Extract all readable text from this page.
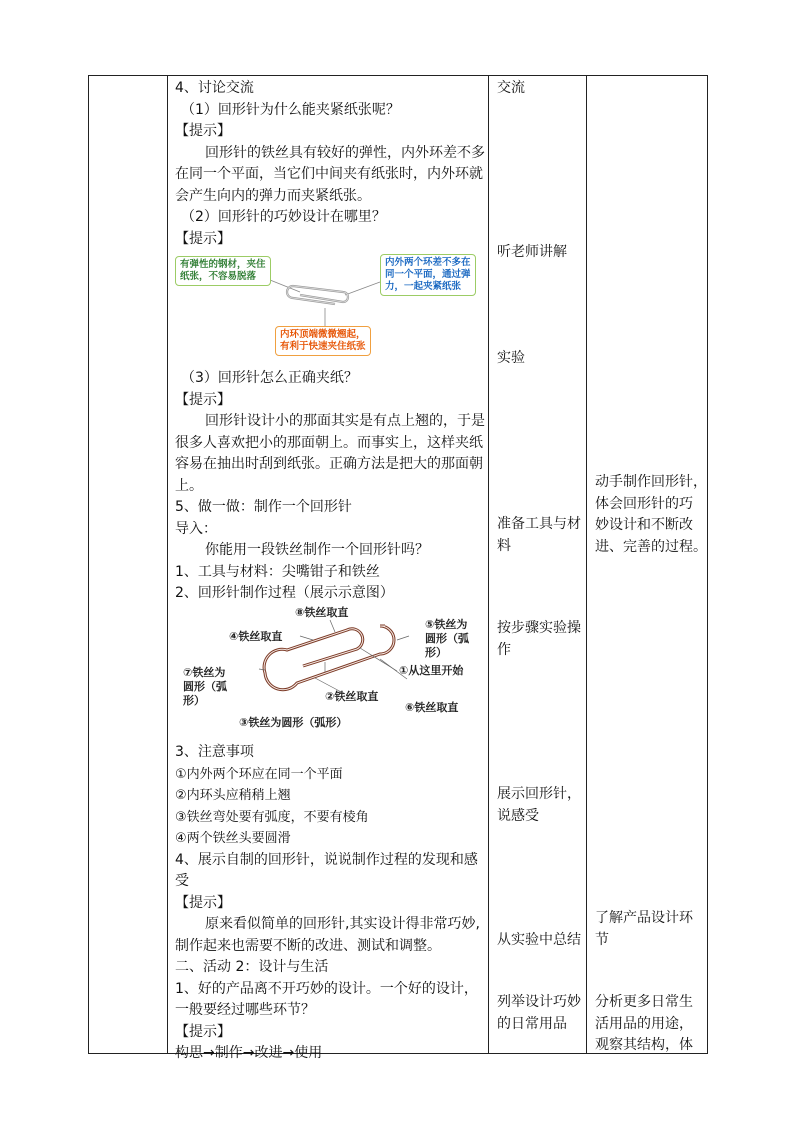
4、讨论交流
（1）回形针为什么能夹紧纸张呢？
【提示】
回形针的铁丝具有较好的弹性，内外环差不多
在同一个平面，当它们中间夹有纸张时，内外环就
会产生向内的弹力而夹紧纸张。
（2）回形针的巧妙设计在哪里？
【提示】
有弹性的钢材，夹住
纸张，不容易脱落
内外两个环差不多在
同一个平面，通过弹
力，一起夹紧纸张
内环顶端微微翘起，
有利于快速夹住纸张
（3）回形针怎么正确夹纸？
【提示】
回形针设计小的那面其实是有点上翘的，于是
很多人喜欢把小的那面朝上。而事实上，这样夹纸
容易在抽出时刮到纸张。正确方法是把大的那面朝
上。
5、做一做：制作一个回形针
导入：
你能用一段铁丝制作一个回形针吗？
1、工具与材料：尖嘴钳子和铁丝
2、回形针制作过程（展示示意图）
⑧铁丝取直
④铁丝取直
⑤铁丝为
圆形（弧
形）
①从这里开始
⑦铁丝为
圆形（弧
形）	②铁丝取直
⑥铁丝取直
③铁丝为圆形（弧形）
3、注意事项
①内外两个环应在同一个平面
②内环头应稍稍上翘
③铁丝弯处要有弧度，不要有棱角
④两个铁丝头要圆滑
4、展示自制的回形针，说说制作过程的发现和感
受
【提示】
原来看似简单的回形针,其实设计得非常巧妙,
制作起来也需要不断的改进、测试和调整。
二、活动 2：设计与生活
1、好的产品离不开巧妙的设计。一个好的设计，
一般要经过哪些环节？
【提示】
构思→制作→改进→使用
交流
听老师讲解
实验
准备工具与材
料
按步骤实验操
作
展示回形针，
说感受
从实验中总结
列举设计巧妙
的日常用品
动手制作回形针，
体会回形针的巧
妙设计和不断改
进、完善的过程。
了解产品设计环
节
分析更多日常生
活用品的用途，
观察其结构，体
